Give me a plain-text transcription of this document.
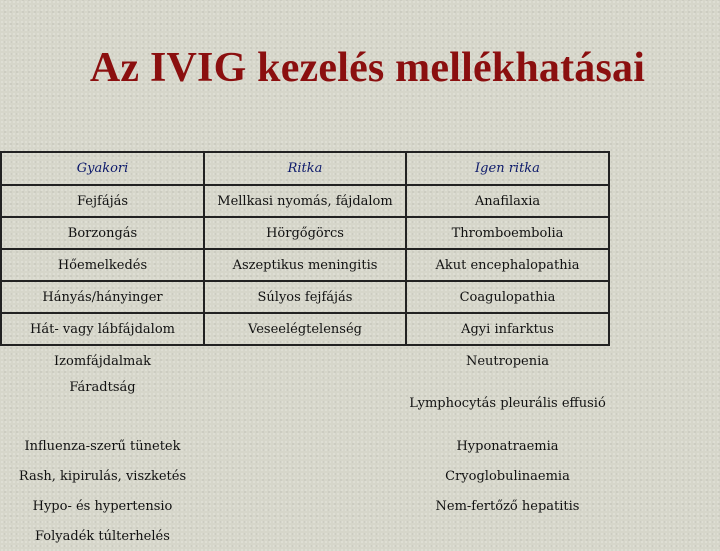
Az IVIG kezelés mellékhatásai
Gyakori	Ritka	Igen ritka
Fejfájás	Mellkasi nyomás, fájdalom	Anafilaxia
Borzongás	Hörgőgörcs	Thromboembolia
Hőemelkedés	Aszeptikus meningitis	Akut encephalopathia
Hányás/hányinger	Súlyos fejfájás	Coagulopathia
Hát- vagy lábfájdalom	Veseelégtelenség	Agyi infarktus
Izomfájdalmak		Neutropenia
Fáradtság		Lymphocytás pleurális effusió
Influenza-szerű tünetek		Hyponatraemia
Rash, kipirulás, viszketés		Cryoglobulinaemia
Hypo- és hypertensio		Nem-fertőző hepatitis
Folyadék túlterhelés		
